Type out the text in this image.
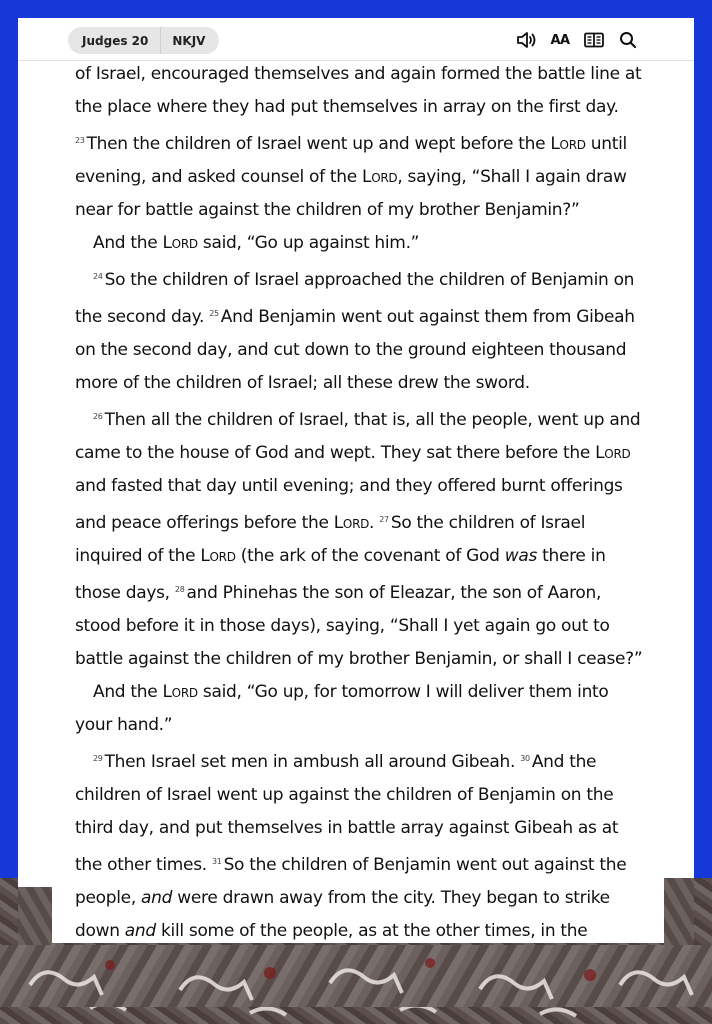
Judges 20	NKJV	AA

of Israel, encouraged themselves and again formed the battle line at the place where they had put themselves in array on the first day. $^{23}$ Then the children of Israel went up and wept before the Lord until evening, and asked counsel of the Lord, saying, “Shall I again draw near for battle against the children of my brother Benjamin?”

And the Lord said, “Go up against him.”

$^{24}$ So the children of Israel approached the children of Benjamin on the second day. $^{25}$ And Benjamin went out against them from Gibeah on the second day, and cut down to the ground eighteen thousand more of the children of Israel; all these drew the sword.

$^{26}$ Then all the children of Israel, that is, all the people, went up and came to the house of God and wept. They sat there before the Lord and fasted that day until evening; and they offered burnt offerings and peace offerings before the Lord. $^{27}$ So the children of Israel inquired of the Lord (the ark of the covenant of God was there in those days, $^{28}$ and Phinehas the son of Eleazar, the son of Aaron, stood before it in those days), saying, “Shall I yet again go out to battle against the children of my brother Benjamin, or shall I cease?”

And the Lord said, “Go up, for tomorrow I will deliver them into your hand.”

$^{29}$ Then Israel set men in ambush all around Gibeah. $^{30}$ And the children of Israel went up against the children of Benjamin on the third day, and put themselves in battle array against Gibeah as at the other times. $^{31}$ So the children of Benjamin went out against the people, and were drawn away from the city. They began to strike down and kill some of the people, as at the other times, in the
